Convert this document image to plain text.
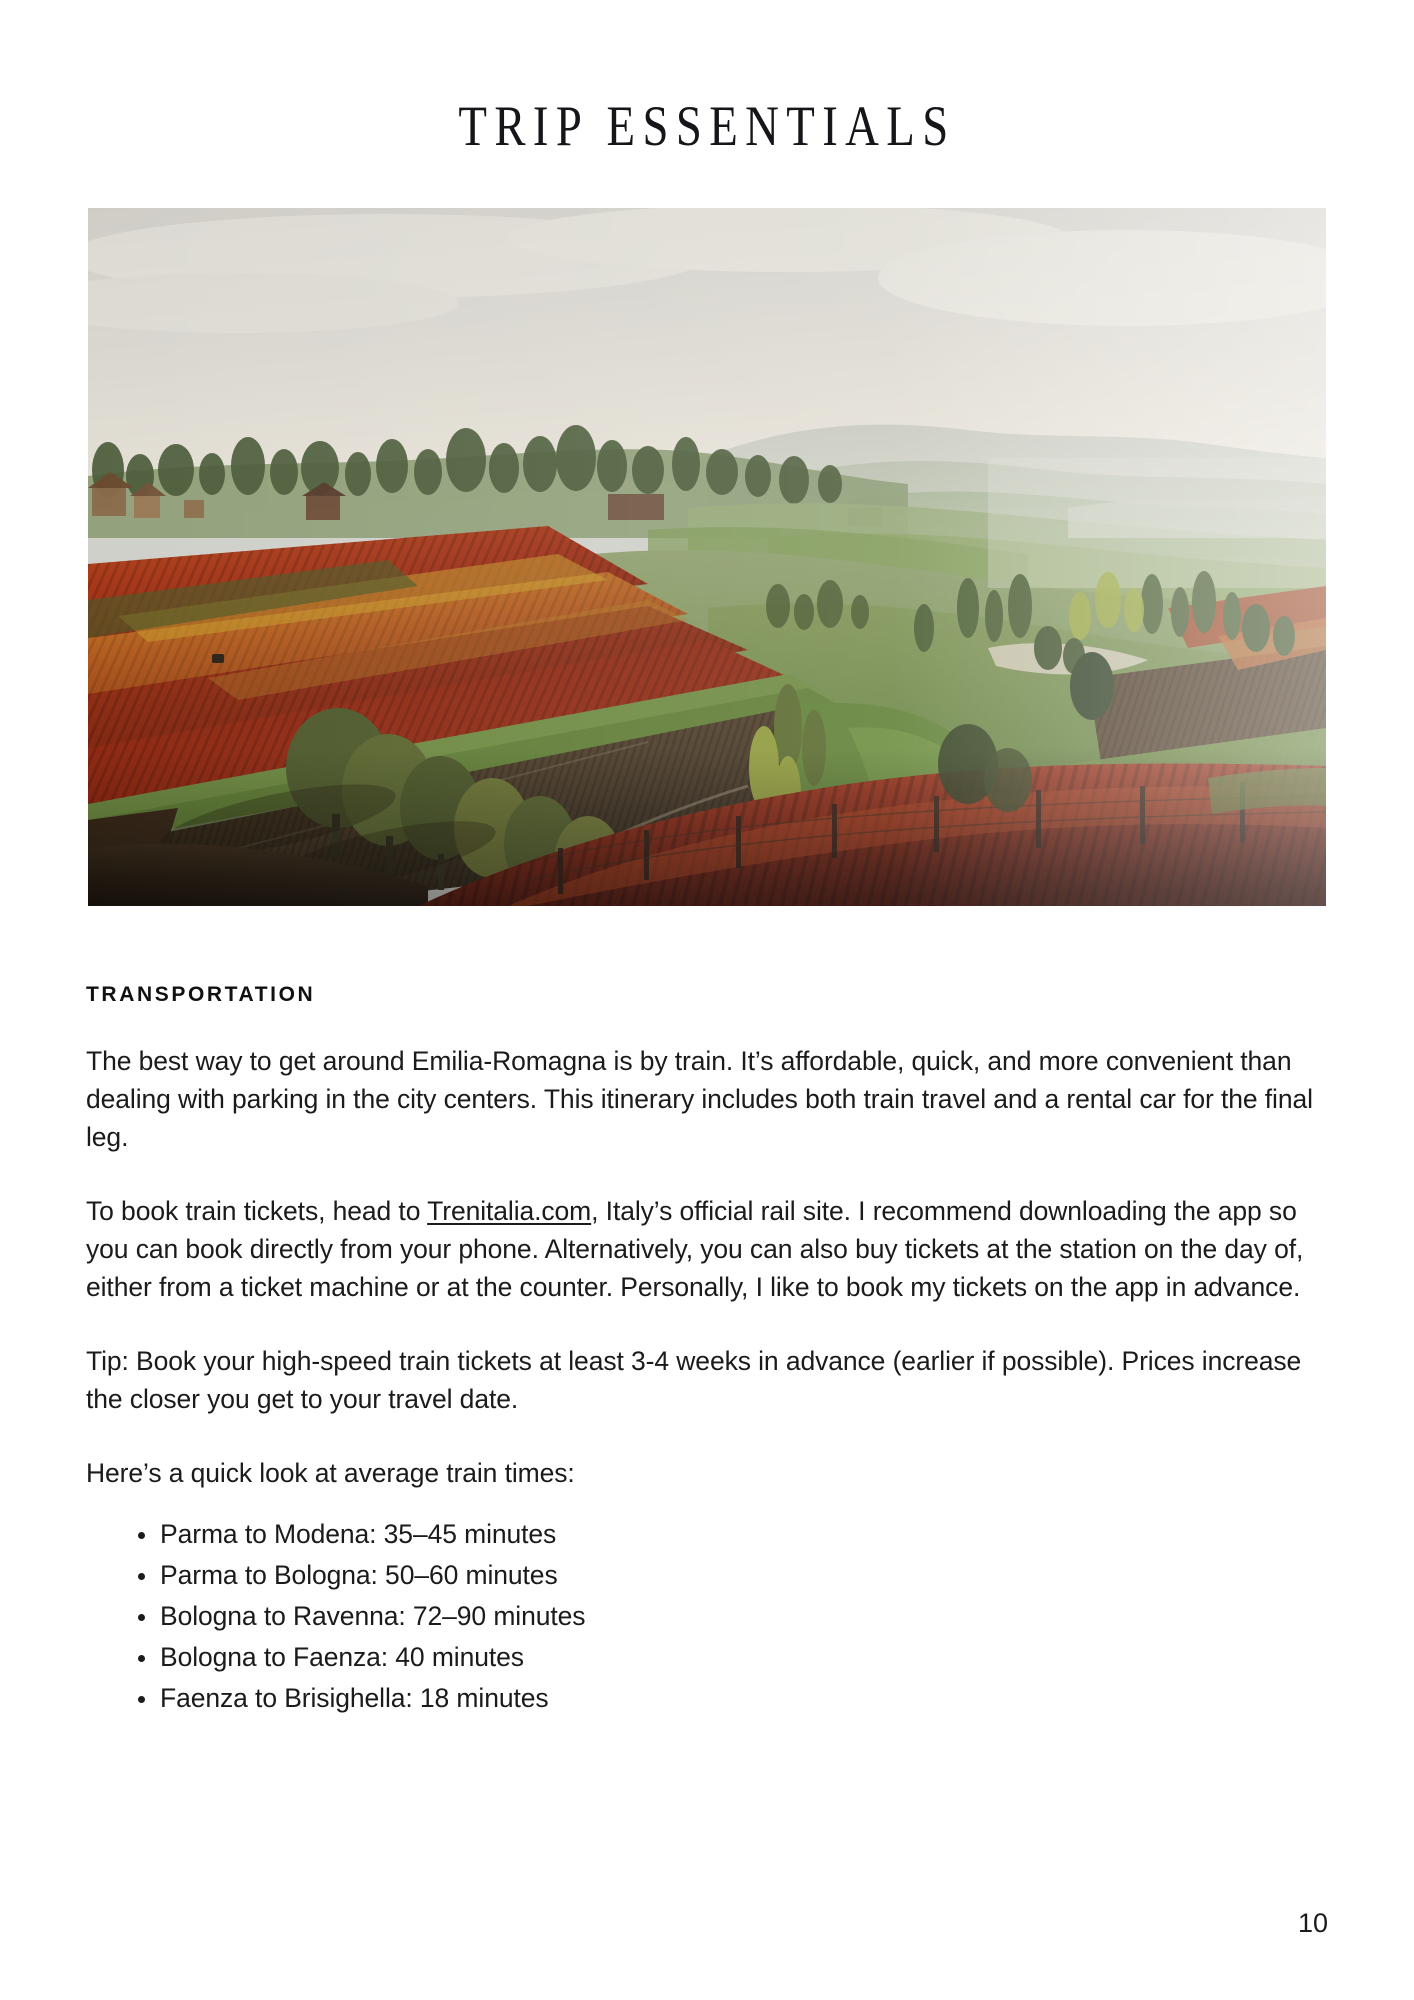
TRIP ESSENTIALS
TRANSPORTATION

The best way to get around Emilia-Romagna is by train. It’s affordable, quick, and more convenient than dealing with parking in the city centers. This itinerary includes both train travel and a rental car for the final leg.

To book train tickets, head to Trenitalia.com, Italy’s official rail site. I recommend downloading the app so you can book directly from your phone. Alternatively, you can also buy tickets at the station on the day of, either from a ticket machine or at the counter. Personally, I like to book my tickets on the app in advance.

Tip: Book your high-speed train tickets at least 3-4 weeks in advance (earlier if possible). Prices increase the closer you get to your travel date.

Here’s a quick look at average train times:

Parma to Modena: 35–45 minutes
Parma to Bologna: 50–60 minutes
Bologna to Ravenna: 72–90 minutes
Bologna to Faenza: 40 minutes
Faenza to Brisighella: 18 minutes
10
